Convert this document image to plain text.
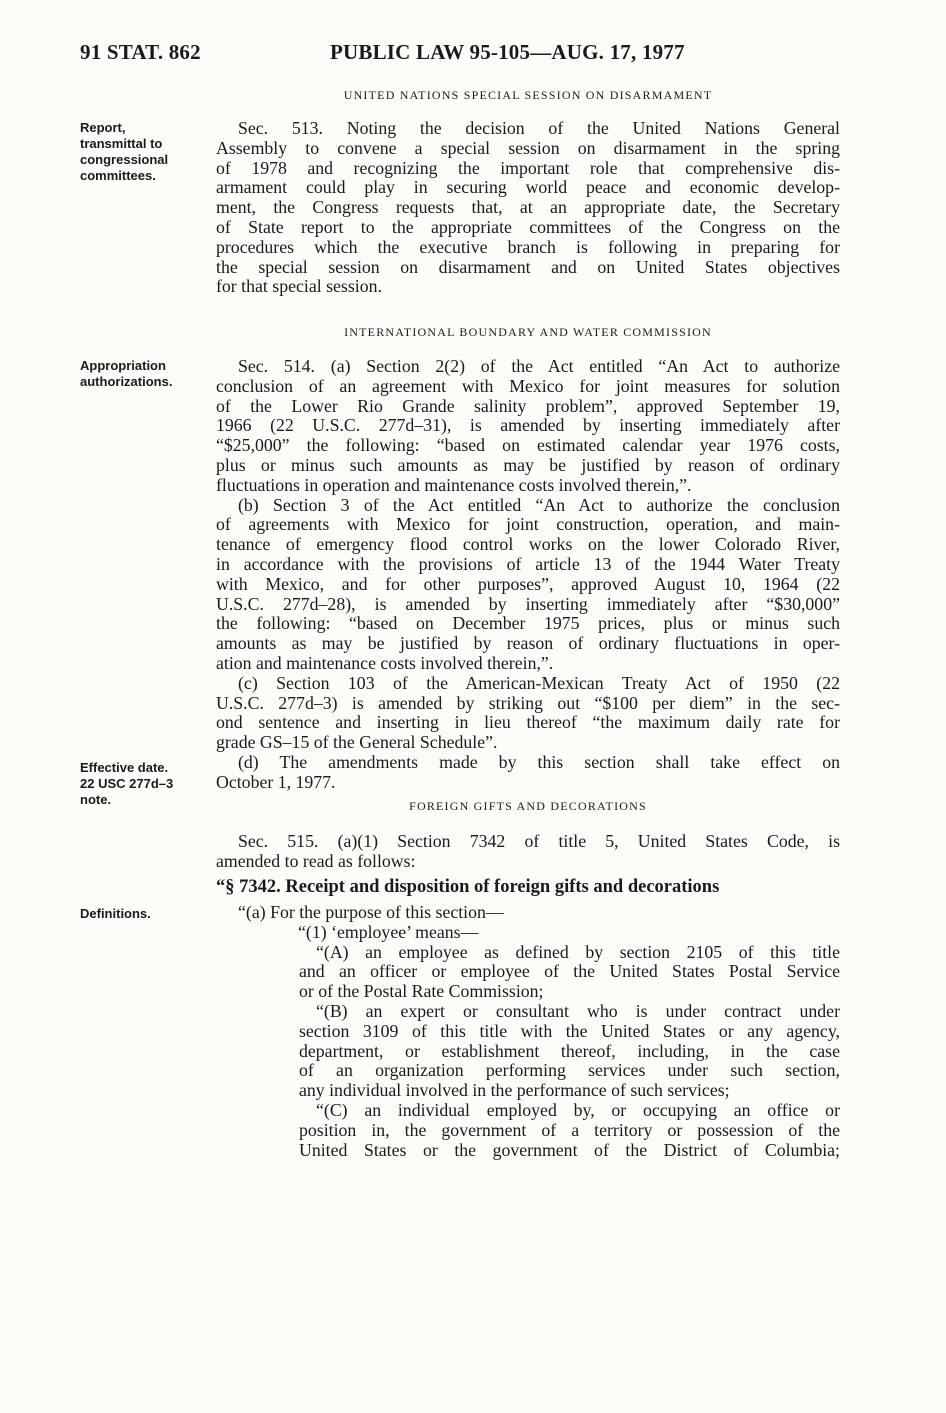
91 STAT. 862	PUBLIC LAW 95-105—AUG. 17, 1977
UNITED NATIONS SPECIAL SESSION ON DISARMAMENT
Report,
transmittal to
congressional
committees.
Sec. 513. Noting the decision of the United Nations General
Assembly to convene a special session on disarmament in the spring
of 1978 and recognizing the important role that comprehensive dis-
armament could play in securing world peace and economic develop-
ment, the Congress requests that, at an appropriate date, the Secretary
of State report to the appropriate committees of the Congress on the
procedures which the executive branch is following in preparing for
the special session on disarmament and on United States objectives
for that special session.
INTERNATIONAL BOUNDARY AND WATER COMMISSION
Appropriation
authorizations.
Sec. 514. (a) Section 2(2) of the Act entitled “An Act to authorize
conclusion of an agreement with Mexico for joint measures for solution
of the Lower Rio Grande salinity problem”, approved September 19,
1966 (22 U.S.C. 277d–31), is amended by inserting immediately after
“$25,000” the following: “based on estimated calendar year 1976 costs,
plus or minus such amounts as may be justified by reason of ordinary
fluctuations in operation and maintenance costs involved therein,”.
(b) Section 3 of the Act entitled “An Act to authorize the conclusion
of agreements with Mexico for joint construction, operation, and main-
tenance of emergency flood control works on the lower Colorado River,
in accordance with the provisions of article 13 of the 1944 Water Treaty
with Mexico, and for other purposes”, approved August 10, 1964 (22
U.S.C. 277d–28), is amended by inserting immediately after “$30,000”
the following: “based on December 1975 prices, plus or minus such
amounts as may be justified by reason of ordinary fluctuations in oper-
ation and maintenance costs involved therein,”.
(c) Section 103 of the American-Mexican Treaty Act of 1950 (22
U.S.C. 277d–3) is amended by striking out “$100 per diem” in the sec-
ond sentence and inserting in lieu thereof “the maximum daily rate for
grade GS–15 of the General Schedule”.
(d) The amendments made by this section shall take effect on
October 1, 1977.
Effective date.
22 USC 277d–3
note.	FOREIGN GIFTS AND DECORATIONS
Sec. 515. (a)(1) Section 7342 of title 5, United States Code, is
amended to read as follows:
“§ 7342. Receipt and disposition of foreign gifts and decorations
Definitions.	“(a) For the purpose of this section—
“(1) ‘employee’ means—
“(A) an employee as defined by section 2105 of this title
and an officer or employee of the United States Postal Service
or of the Postal Rate Commission;
“(B) an expert or consultant who is under contract under
section 3109 of this title with the United States or any agency,
department, or establishment thereof, including, in the case
of an organization performing services under such section,
any individual involved in the performance of such services;
“(C) an individual employed by, or occupying an office or
position in, the government of a territory or possession of the
United States or the government of the District of Columbia;
